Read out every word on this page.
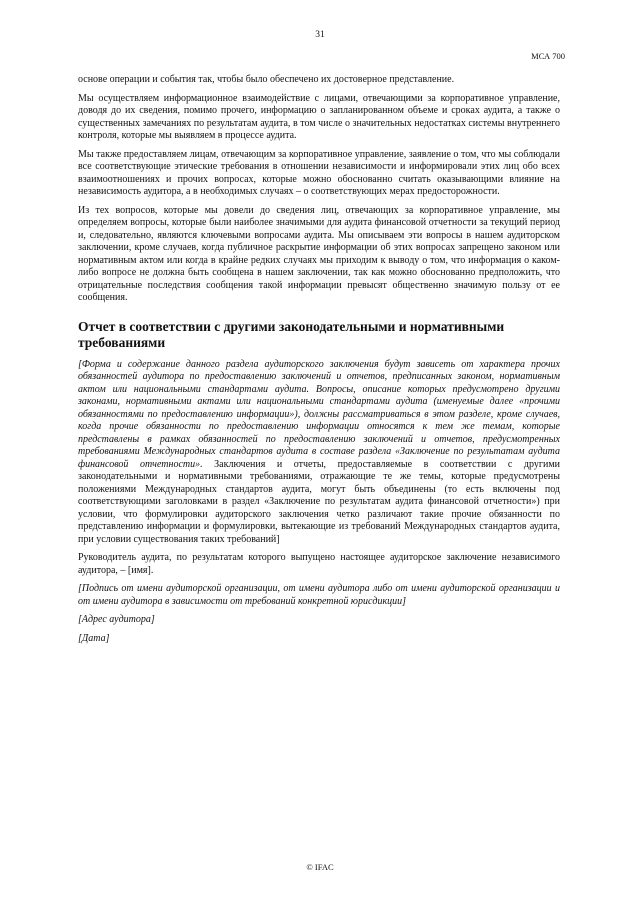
31
МСА 700

основе операции и события так, чтобы было обеспечено их достоверное представление.

Мы осуществляем информационное взаимодействие с лицами, отвечающими за корпоративное управление, доводя до их сведения, помимо прочего, информацию о запланированном объеме и сроках аудита, а также о существенных замечаниях по результатам аудита, в том числе о значительных недостатках системы внутреннего контроля, которые мы выявляем в процессе аудита.

Мы также предоставляем лицам, отвечающим за корпоративное управление, заявление о том, что мы соблюдали все соответствующие этические требования в отношении независимости и информировали этих лиц обо всех взаимоотношениях и прочих вопросах, которые можно обоснованно считать оказывающими влияние на независимость аудитора, а в необходимых случаях – о соответствующих мерах предосторожности.

Из тех вопросов, которые мы довели до сведения лиц, отвечающих за корпоративное управление, мы определяем вопросы, которые были наиболее значимыми для аудита финансовой отчетности за текущий период и, следовательно, являются ключевыми вопросами аудита. Мы описываем эти вопросы в нашем аудиторском заключении, кроме случаев, когда публичное раскрытие информации об этих вопросах запрещено законом или нормативным актом или когда в крайне редких случаях мы приходим к выводу о том, что информация о каком-либо вопросе не должна быть сообщена в нашем заключении, так как можно обоснованно предположить, что отрицательные последствия сообщения такой информации превысят общественно значимую пользу от ее сообщения.

Отчет в соответствии с другими законодательными и нормативными требованиями

[Форма и содержание данного раздела аудиторского заключения будут зависеть от характера прочих обязанностей аудитора по предоставлению заключений и отчетов, предписанных законом, нормативным актом или национальными стандартами аудита. Вопросы, описание которых предусмотрено другими законами, нормативными актами или национальными стандартами аудита (именуемые далее «прочими обязанностями по предоставлению информации»), должны рассматриваться в этом разделе, кроме случаев, когда прочие обязанности по предоставлению информации относятся к тем же темам, которые представлены в рамках обязанностей по предоставлению заключений и отчетов, предусмотренных требованиями Международных стандартов аудита в составе раздела «Заключение по результатам аудита финансовой отчетности». Заключения и отчеты, предоставляемые в соответствии с другими законодательными и нормативными требованиями, отражающие те же темы, которые предусмотрены положениями Международных стандартов аудита, могут быть объединены (то есть включены под соответствующими заголовками в раздел «Заключение по результатам аудита финансовой отчетности») при условии, что формулировки аудиторского заключения четко различают такие прочие обязанности по представлению информации и формулировки, вытекающие из требований Международных стандартов аудита, при условии существования таких требований]

Руководитель аудита, по результатам которого выпущено настоящее аудиторское заключение независимого аудитора, – [имя].

[Подпись от имени аудиторской организации, от имени аудитора либо от имени аудиторской организации и от имени аудитора в зависимости от требований конкретной юрисдикции]

[Адрес аудитора]

[Дата]

© IFAC
